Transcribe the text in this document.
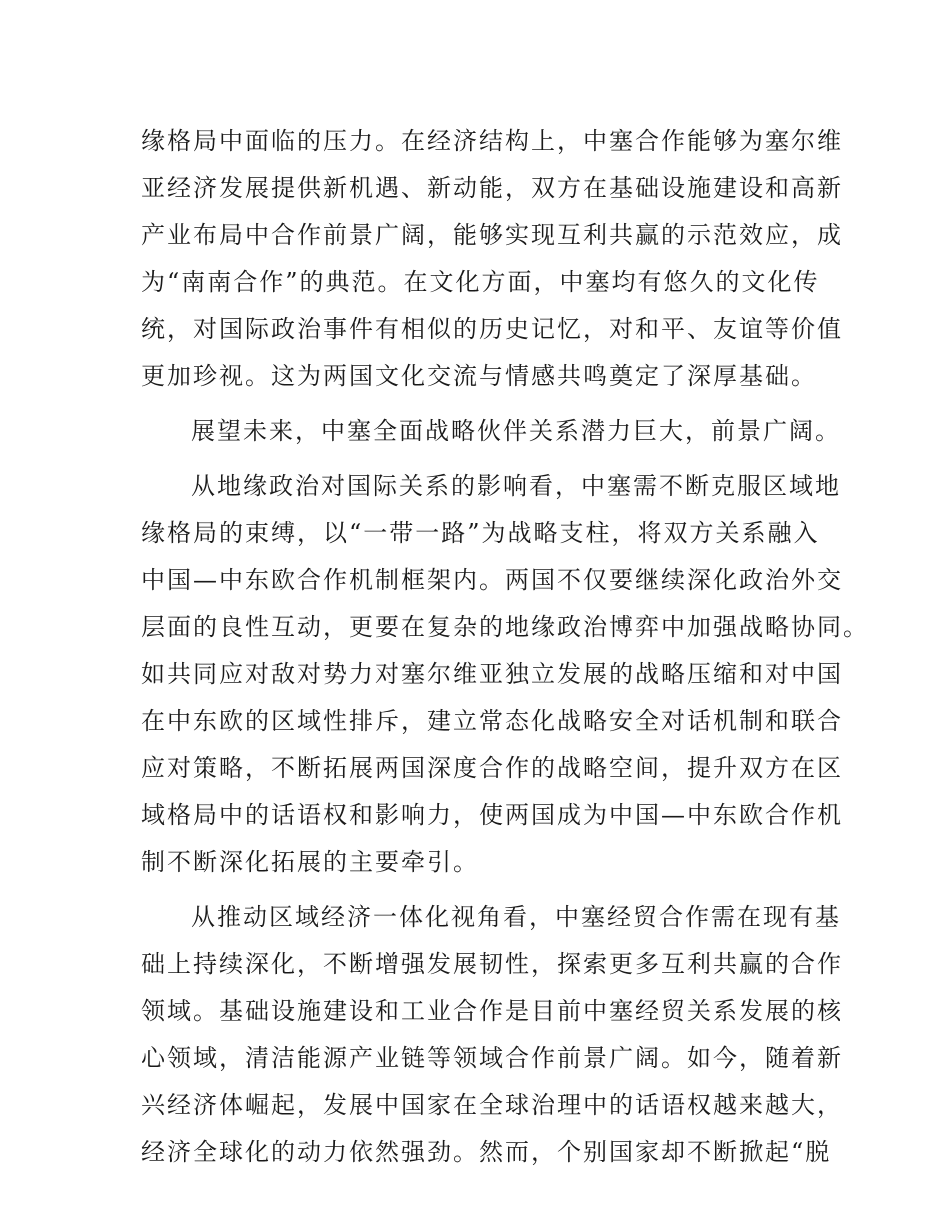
缘格局中面临的压力。在经济结构上，中塞合作能够为塞尔维
亚经济发展提供新机遇、新动能，双方在基础设施建设和高新
产业布局中合作前景广阔，能够实现互利共赢的示范效应，成
为“南南合作”的典范。在文化方面，中塞均有悠久的文化传
统，对国际政治事件有相似的历史记忆，对和平、友谊等价值
更加珍视。这为两国文化交流与情感共鸣奠定了深厚基础。
展望未来，中塞全面战略伙伴关系潜力巨大，前景广阔。
从地缘政治对国际关系的影响看，中塞需不断克服区域地
缘格局的束缚，以“一带一路”为战略支柱，将双方关系融入
中国—中东欧合作机制框架内。两国不仅要继续深化政治外交
层面的良性互动，更要在复杂的地缘政治博弈中加强战略协同。
如共同应对敌对势力对塞尔维亚独立发展的战略压缩和对中国
在中东欧的区域性排斥，建立常态化战略安全对话机制和联合
应对策略，不断拓展两国深度合作的战略空间，提升双方在区
域格局中的话语权和影响力，使两国成为中国—中东欧合作机
制不断深化拓展的主要牵引。
从推动区域经济一体化视角看，中塞经贸合作需在现有基
础上持续深化，不断增强发展韧性，探索更多互利共赢的合作
领域。基础设施建设和工业合作是目前中塞经贸关系发展的核
心领域，清洁能源产业链等领域合作前景广阔。如今，随着新
兴经济体崛起，发展中国家在全球治理中的话语权越来越大，
经济全球化的动力依然强劲。然而，个别国家却不断掀起“脱
